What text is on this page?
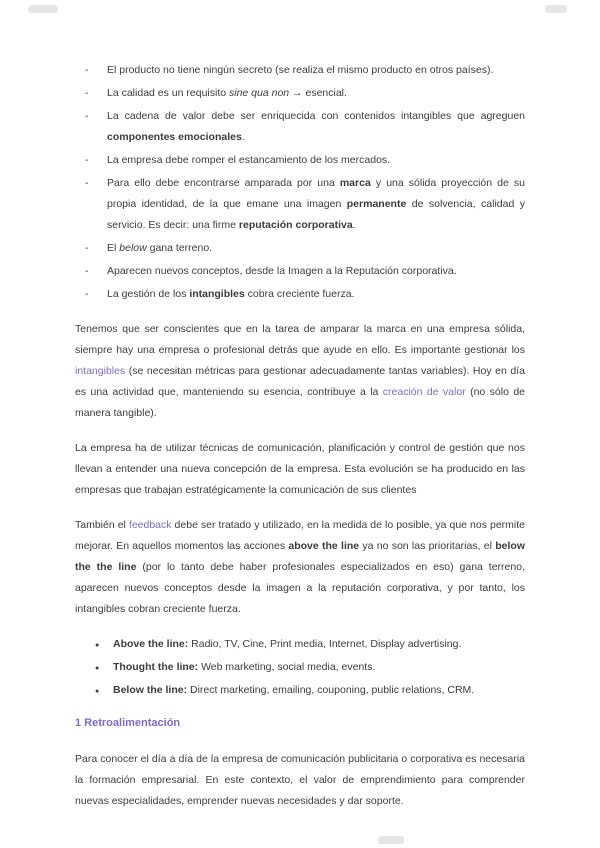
- El producto no tiene ningún secreto (se realiza el mismo producto en otros países).
- La calidad es un requisito sine qua non → esencial.
- La cadena de valor debe ser enriquecida con contenidos intangibles que agreguen componentes emocionales.
- La empresa debe romper el estancamiento de los mercados.
- Para ello debe encontrarse amparada por una marca y una sólida proyección de su propia identidad, de la que emane una imagen permanente de solvencia, calidad y servicio. Es decir: una firme reputación corporativa.
- El below gana terreno.
- Aparecen nuevos conceptos, desde la Imagen a la Reputación corporativa.
- La gestión de los intangibles cobra creciente fuerza.

Tenemos que ser conscientes que en la tarea de amparar la marca en una empresa sólida, siempre hay una empresa o profesional detrás que ayude en ello. Es importante gestionar los intangibles (se necesitan métricas para gestionar adecuadamente tantas variables). Hoy en día es una actividad que, manteniendo su esencia, contribuye a la creación de valor (no sólo de manera tangible).

La empresa ha de utilizar técnicas de comunicación, planificación y control de gestión que nos llevan a entender una nueva concepción de la empresa. Esta evolución se ha producido en las empresas que trabajan estratégicamente la comunicación de sus clientes

También el feedback debe ser tratado y utilizado, en la medida de lo posible, ya que nos permite mejorar. En aquellos momentos las acciones above the line ya no son las prioritarias, el below the the line (por lo tanto debe haber profesionales especializados en eso) gana terreno, aparecen nuevos conceptos desde la imagen a la reputación corporativa, y por tanto, los intangibles cobran creciente fuerza.

● Above the line: Radio, TV, Cine, Print media, Internet, Display advertising.
● Thought the line: Web marketing, social media, events.
● Below the line: Direct marketing, emailing, couponing, public relations, CRM.
1 Retroalimentación

Para conocer el día a día de la empresa de comunicación publicitaria o corporativa es necesaria la formación empresarial. En este contexto, el valor de emprendimiento para comprender nuevas especialidades, emprender nuevas necesidades y dar soporte.
